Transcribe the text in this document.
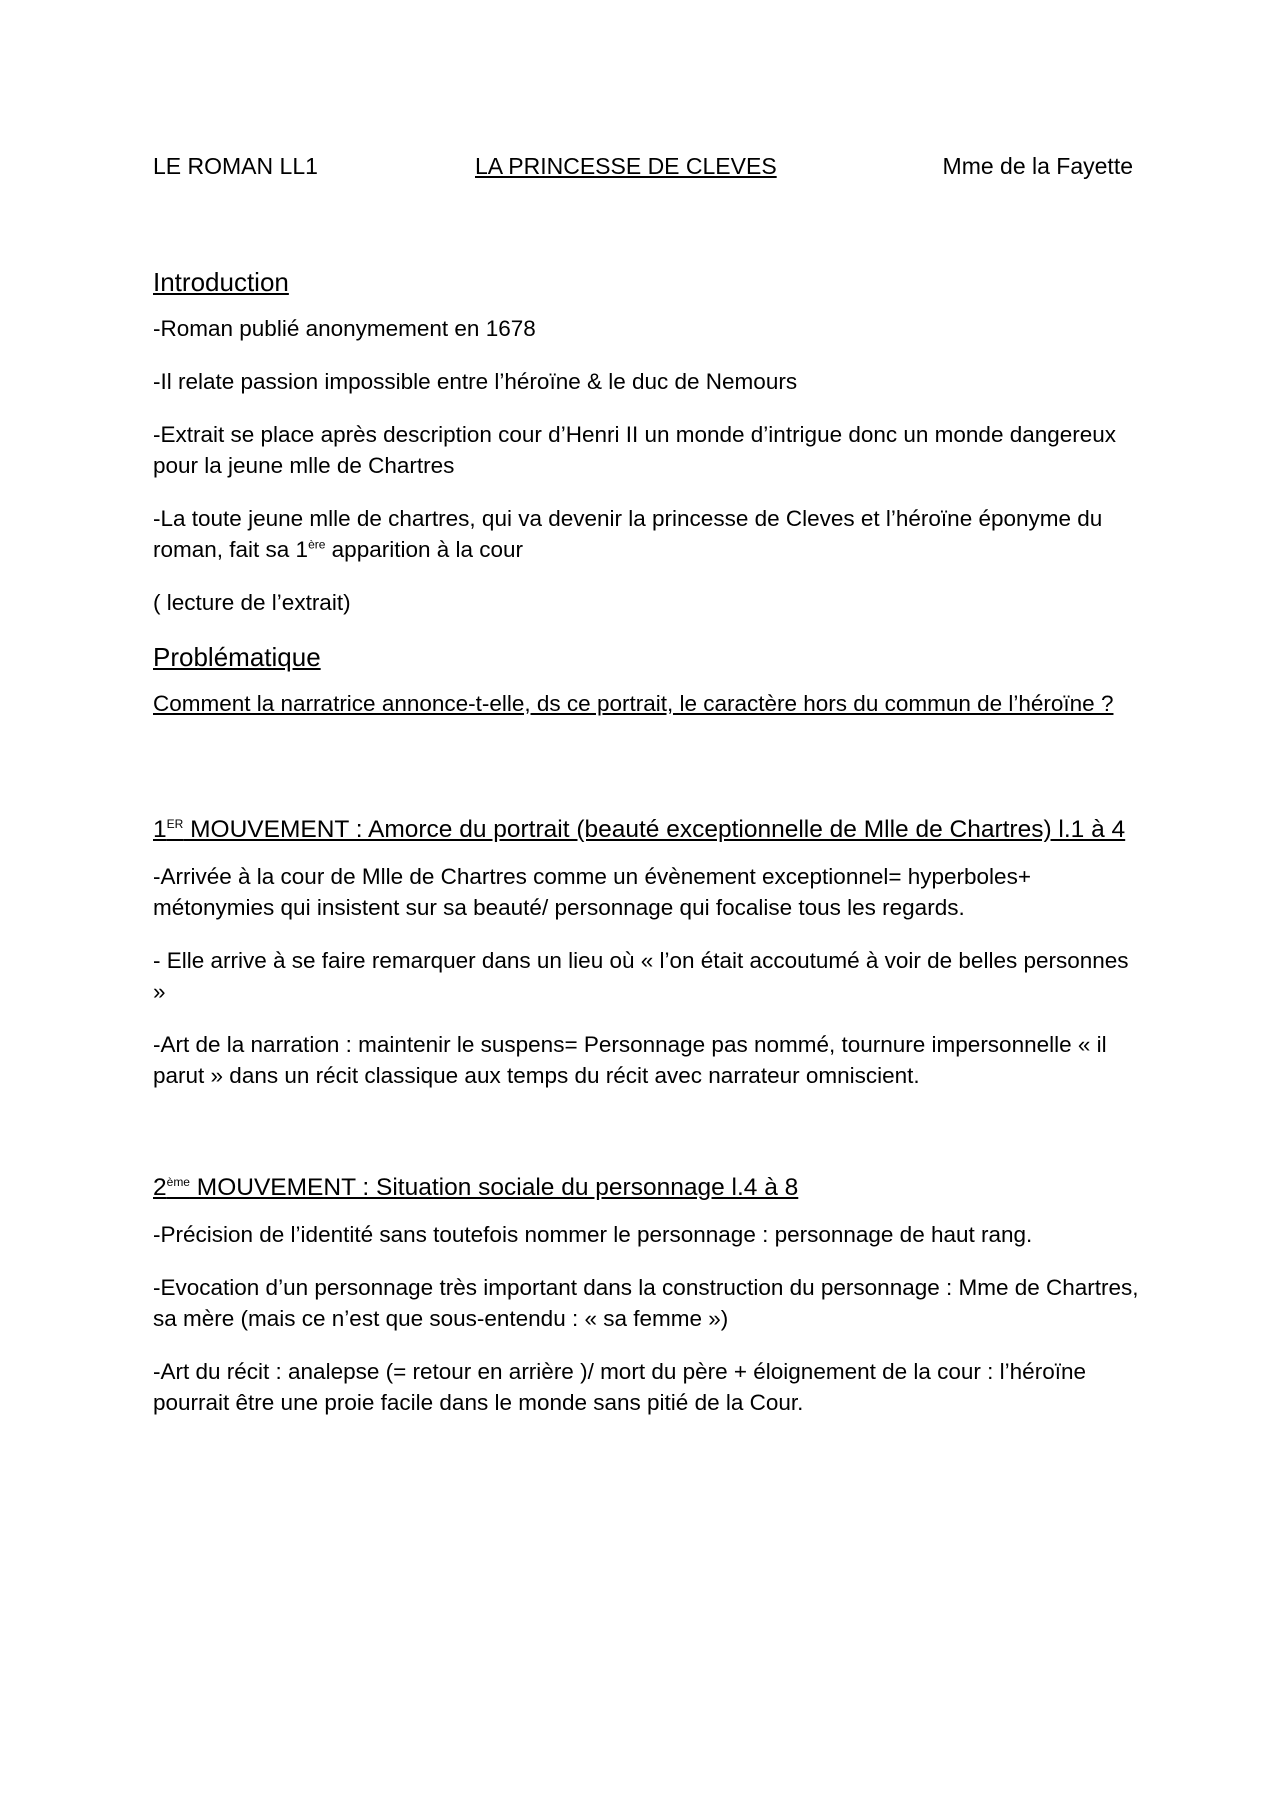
LE ROMAN LL1	LA PRINCESSE DE CLEVES	Mme de la Fayette
Introduction

-Roman publié anonymement en 1678

-Il relate passion impossible entre l’héroïne & le duc de Nemours

-Extrait se place après description cour d’Henri II un monde d’intrigue donc un monde dangereux pour la jeune mlle de Chartres

-La toute jeune mlle de chartres, qui va devenir la princesse de Cleves et l’héroïne éponyme du roman, fait sa 1ère apparition à la cour

( lecture de l’extrait)

Problématique

Comment la narratrice annonce-t-elle, ds ce portrait, le caractère hors du commun de l’héroïne ?

1ER MOUVEMENT : Amorce du portrait (beauté exceptionnelle de Mlle de Chartres) l.1 à 4

-Arrivée à la cour de Mlle de Chartres comme un évènement exceptionnel= hyperboles+ métonymies qui insistent sur sa beauté/ personnage qui focalise tous les regards.

- Elle arrive à se faire remarquer dans un lieu où « l’on était accoutumé à voir de belles personnes »

-Art de la narration : maintenir le suspens= Personnage pas nommé, tournure impersonnelle « il parut » dans un récit classique aux temps du récit avec narrateur omniscient.

2ème MOUVEMENT : Situation sociale du personnage l.4 à 8

-Précision de l’identité sans toutefois nommer le personnage : personnage de haut rang.

-Evocation d’un personnage très important dans la construction du personnage : Mme de Chartres, sa mère (mais ce n’est que sous-entendu : « sa femme »)

-Art du récit : analepse (= retour en arrière )/ mort du père + éloignement de la cour : l’héroïne pourrait être une proie facile dans le monde sans pitié de la Cour.
